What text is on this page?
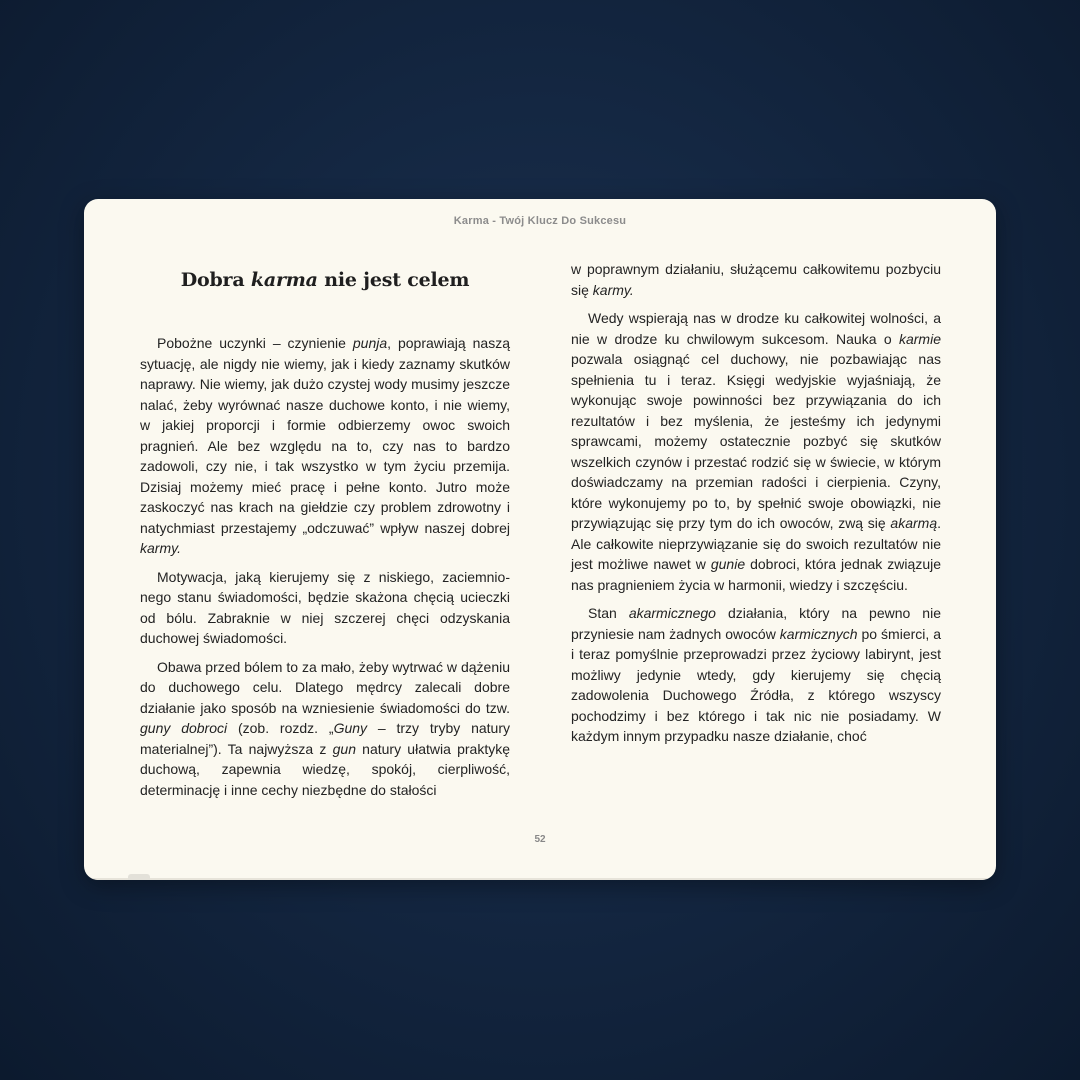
Karma - Twój Klucz Do Sukcesu
Dobra karma nie jest celem

Pobożne uczynki – czynienie punja, poprawiają naszą sytuację, ale nigdy nie wiemy, jak i kiedy zaznamy skutków naprawy. Nie wiemy, jak dużo czystej wody musimy jeszcze nalać, żeby wyrównać nasze duchowe konto, i nie wiemy, w jakiej proporcji i formie odbierzemy owoc swoich pragnień. Ale bez względu na to, czy nas to bardzo zadowoli, czy nie, i tak wszystko w tym życiu przemija. Dzisiaj możemy mieć pracę i pełne konto. Jutro może zaskoczyć nas krach na giełdzie czy problem zdrowotny i natychmiast przestajemy „odczuwać” wpływ naszej dobrej karmy.

Motywacja, jaką kierujemy się z niskiego, zaciemnionego stanu świadomości, będzie skażona chęcią ucieczki od bólu. Zabraknie w niej szczerej chęci odzyskania duchowej świadomości.

Obawa przed bólem to za mało, żeby wytrwać w dążeniu do duchowego celu. Dlatego mędrcy zalecali dobre działanie jako sposób na wzniesienie świadomości do tzw. guny dobroci (zob. rozdz. „Guny – trzy tryby natury materialnej”). Ta najwyższa z gun natury ułatwia praktykę duchową, zapewnia wiedzę, spokój, cierpliwość, determinację i inne cechy niezbędne do stałości

w poprawnym działaniu, służącemu całkowitemu pozbyciu się karmy.

Wedy wspierają nas w drodze ku całkowitej wolności, a nie w drodze ku chwilowym sukcesom. Nauka o karmie pozwala osiągnąć cel duchowy, nie pozbawiając nas spełnienia tu i teraz. Księgi wedyjskie wyjaśniają, że wykonując swoje powinności bez przywiązania do ich rezultatów i bez myślenia, że jesteśmy ich jedynymi sprawcami, możemy ostatecznie pozbyć się skutków wszelkich czynów i przestać rodzić się w świecie, w którym doświadczamy na przemian radości i cierpienia. Czyny, które wykonujemy po to, by spełnić swoje obowiązki, nie przywiązując się przy tym do ich owoców, zwą się akarmą. Ale całkowite nieprzywiązanie się do swoich rezultatów nie jest możliwe nawet w gunie dobroci, która jednak związuje nas pragnieniem życia w harmonii, wiedzy i szczęściu.

Stan akarmicznego działania, który na pewno nie przyniesie nam żadnych owoców karmicznych po śmierci, a i teraz pomyślnie przeprowadzi przez życiowy labirynt, jest możliwy jedynie wtedy, gdy kierujemy się chęcią zadowolenia Duchowego Źródła, z którego wszyscy pochodzimy i bez którego i tak nic nie posiadamy. W każdym innym przypadku nasze działanie, choć

52
